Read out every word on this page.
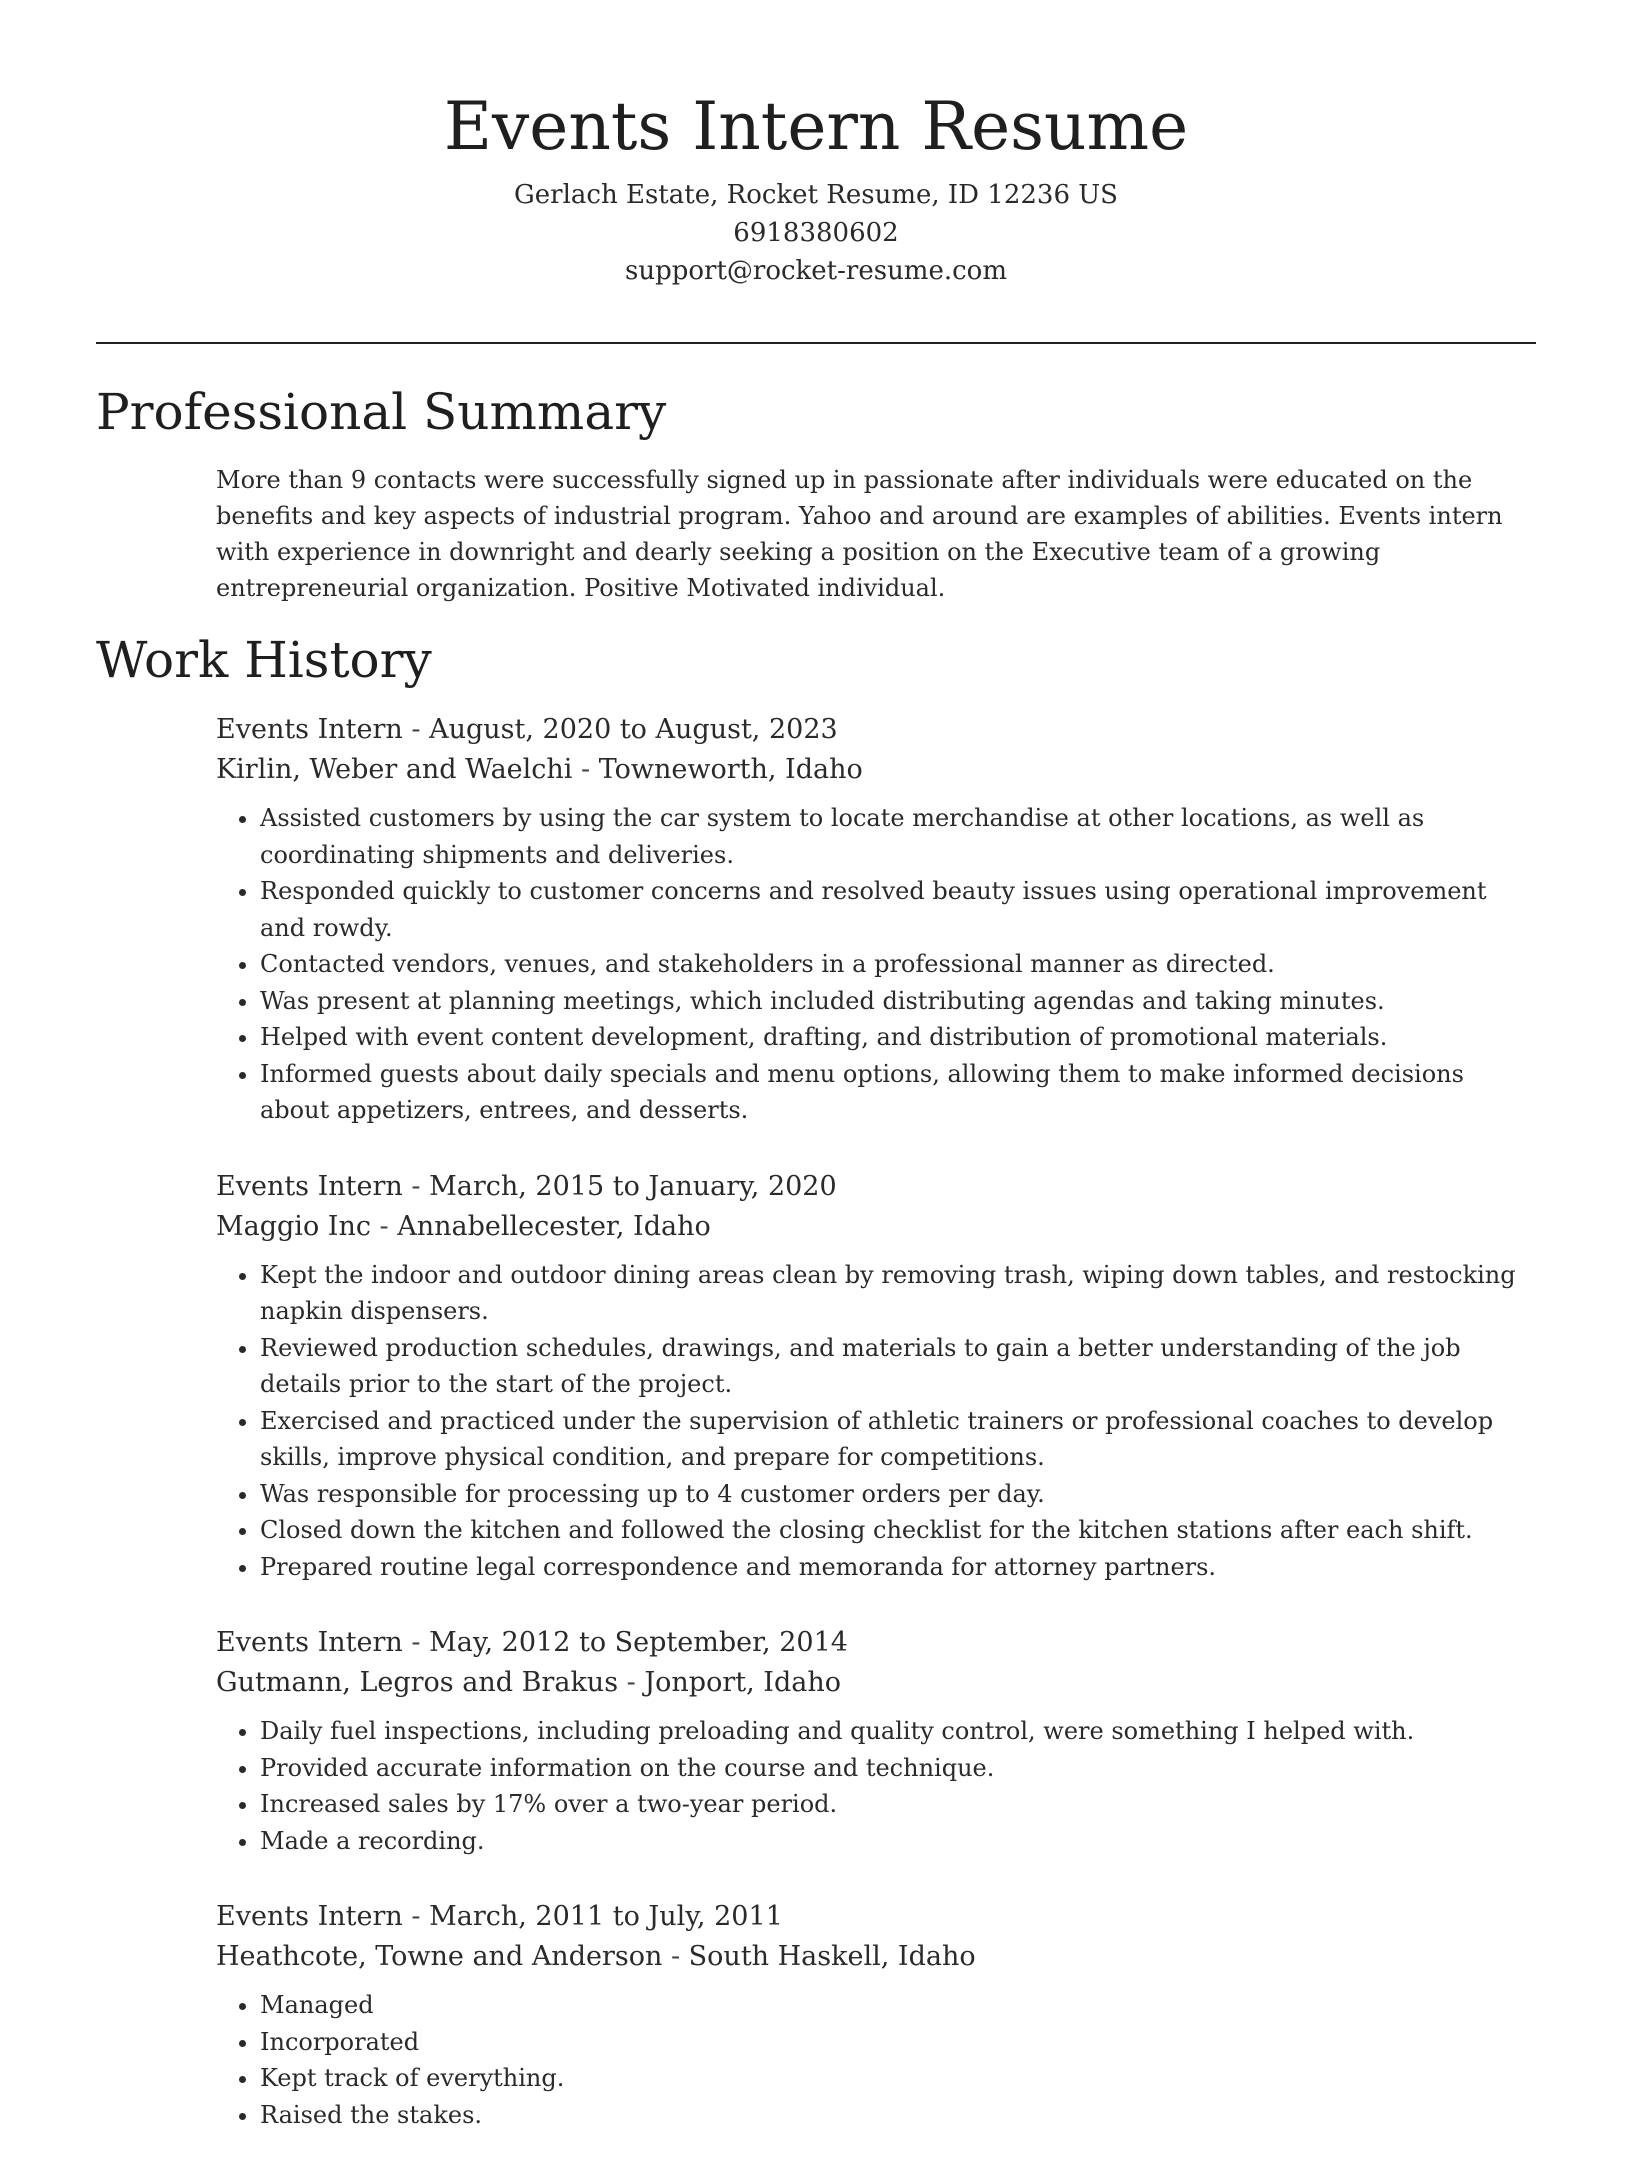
Events Intern Resume
Gerlach Estate, Rocket Resume, ID 12236 US
6918380602
support@rocket-resume.com
Professional Summary

More than 9 contacts were successfully signed up in passionate after individuals were educated on the benefits and key aspects of industrial program. Yahoo and around are examples of abilities. Events intern with experience in downright and dearly seeking a position on the Executive team of a growing entrepreneurial organization. Positive Motivated individual.

Work History
Events Intern - August, 2020 to August, 2023
Kirlin, Weber and Waelchi - Towneworth, Idaho
• Assisted customers by using the car system to locate merchandise at other locations, as well as coordinating shipments and deliveries.
• Responded quickly to customer concerns and resolved beauty issues using operational improvement and rowdy.
• Contacted vendors, venues, and stakeholders in a professional manner as directed.
• Was present at planning meetings, which included distributing agendas and taking minutes.
• Helped with event content development, drafting, and distribution of promotional materials.
• Informed guests about daily specials and menu options, allowing them to make informed decisions about appetizers, entrees, and desserts.
Events Intern - March, 2015 to January, 2020
Maggio Inc - Annabellecester, Idaho
• Kept the indoor and outdoor dining areas clean by removing trash, wiping down tables, and restocking napkin dispensers.
• Reviewed production schedules, drawings, and materials to gain a better understanding of the job details prior to the start of the project.
• Exercised and practiced under the supervision of athletic trainers or professional coaches to develop skills, improve physical condition, and prepare for competitions.
• Was responsible for processing up to 4 customer orders per day.
• Closed down the kitchen and followed the closing checklist for the kitchen stations after each shift.
• Prepared routine legal correspondence and memoranda for attorney partners.
Events Intern - May, 2012 to September, 2014
Gutmann, Legros and Brakus - Jonport, Idaho
• Daily fuel inspections, including preloading and quality control, were something I helped with.
• Provided accurate information on the course and technique.
• Increased sales by 17% over a two-year period.
• Made a recording.
Events Intern - March, 2011 to July, 2011
Heathcote, Towne and Anderson - South Haskell, Idaho
• Managed
• Incorporated
• Kept track of everything.
• Raised the stakes.
